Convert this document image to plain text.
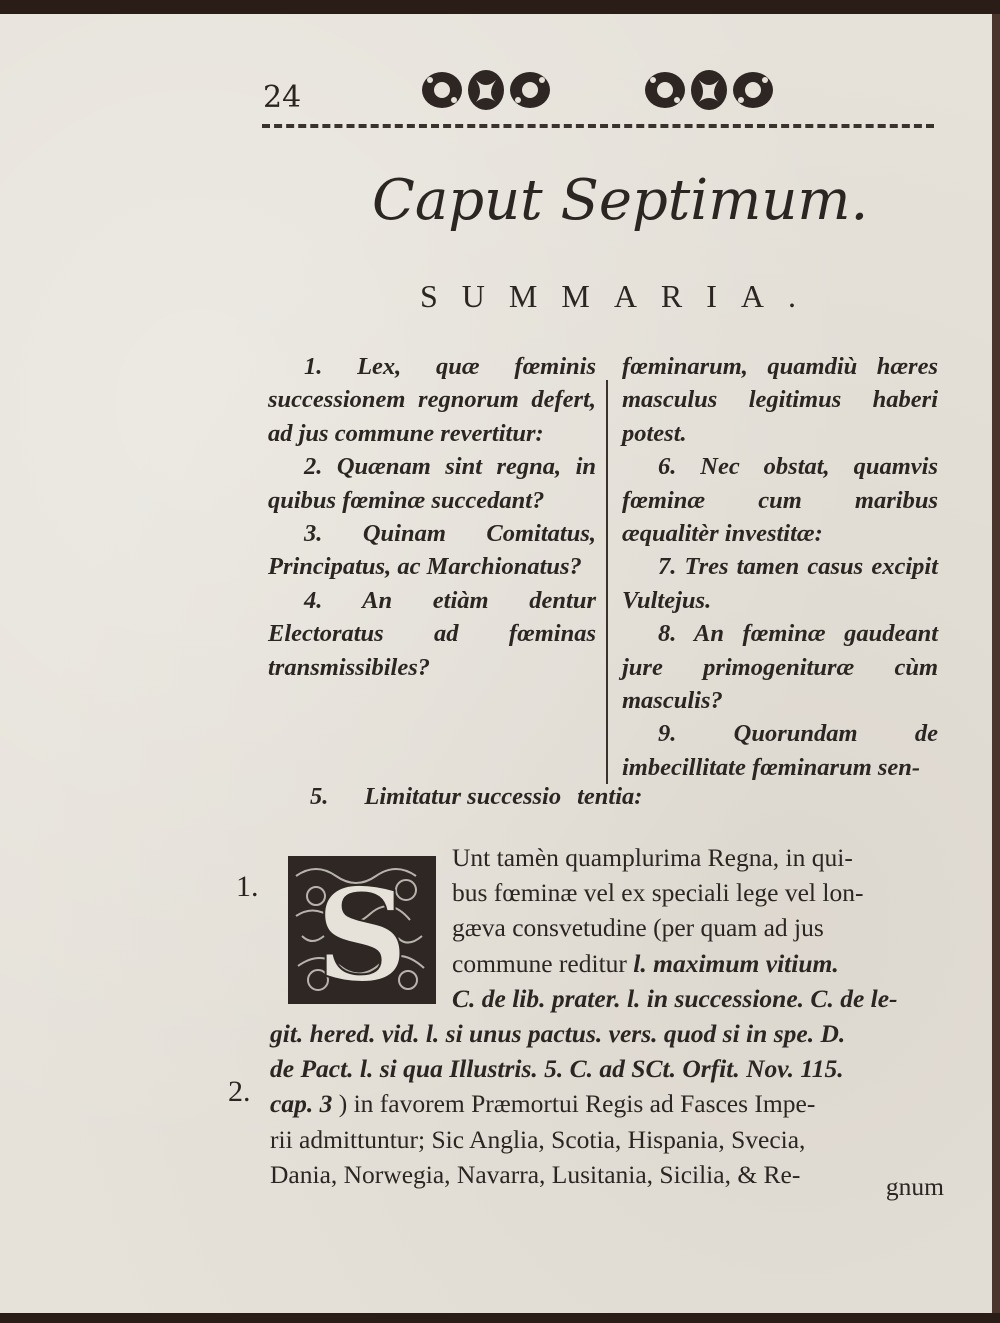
24
Caput Septimum.
SUMMARIA.

1. Lex, quæ fœminis successionem regnorum defert, ad jus commune revertitur:

2. Quænam sint regna, in quibus fœminæ succedant?

3. Quinam Comitatus, Principatus, ac Marchionatus?

4. An etiàm dentur Electoratus ad fœminas transmissibiles?

fœminarum, quamdiù hæres masculus legitimus haberi potest.

6. Nec obstat, quamvis fœminæ cum maribus æqualitèr investitæ:

7. Tres tamen casus excipit Vultejus.

8. An fœminæ gaudeant jure primogenituræ cùm masculis?

9. Quorundam de imbecillitate fœminarum sen-

5. Limitatur successio tentia:
1.
2.
S
Unt tamèn quamplurima Regna, in qui-
bus fœminæ vel ex speciali lege vel lon-
gæva consvetudine (per quam ad jus
commune reditur l. maximum vitium.
C. de lib. prater. l. in successione. C. de le-
git. hered. vid. l. si unus pactus. vers. quod si in spe. D.
de Pact. l. si qua Illustris. 5. C. ad SCt. Orfit. Nov. 115.
cap. 3 ) in favorem Præmortui Regis ad Fasces Impe-
rii admittuntur; Sic Anglia, Scotia, Hispania, Svecia,
Dania, Norwegia, Navarra, Lusitania, Sicilia, & Re-	gnum
